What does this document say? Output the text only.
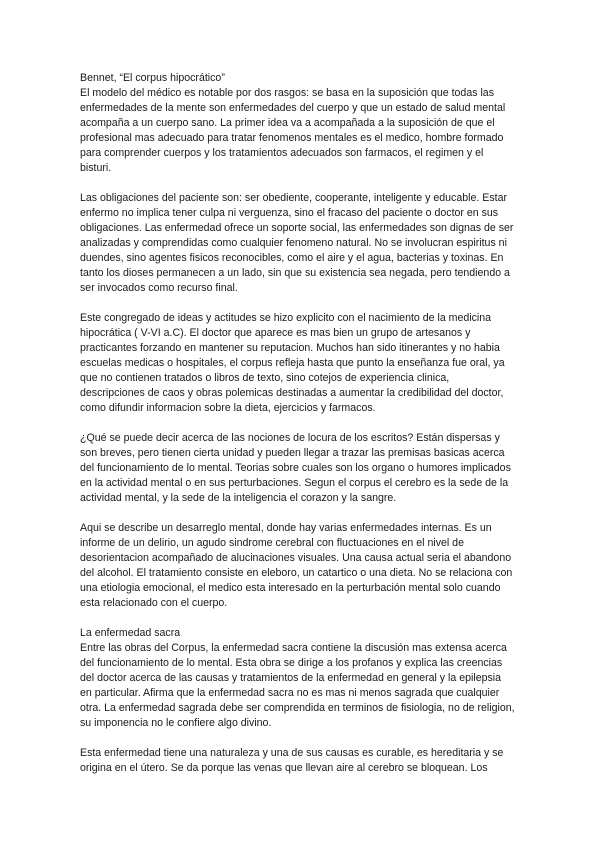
Bennet, “El corpus hipocrático”
El modelo del médico es notable por dos rasgos: se basa en la suposición que todas las
enfermedades de la mente son enfermedades del cuerpo y que un estado de salud mental
acompaña a un cuerpo sano. La primer idea va a acompañada a la suposición de que el
profesional mas adecuado para tratar fenomenos mentales es el medico, hombre formado
para comprender cuerpos y los tratamientos adecuados son farmacos, el regimen y el
bisturi.
Las obligaciones del paciente son: ser obediente, cooperante, inteligente y educable. Estar
enfermo no implica tener culpa ni verguenza, sino el fracaso del paciente o doctor en sus
obligaciones. Las enfermedad ofrece un soporte social, las enfermedades son dignas de ser
analizadas y comprendidas como cualquier fenomeno natural. No se involucran espiritus ni
duendes, sino agentes fisicos reconocibles, como el aire y el agua, bacterias y toxinas. En
tanto los dioses permanecen a un lado, sin que su existencia sea negada, pero tendiendo a
ser invocados como recurso final.
Este congregado de ideas y actitudes se hizo explicito con el nacimiento de la medicina
hipocrática ( V-VI a.C). El doctor que aparece es mas bien un grupo de artesanos y
practicantes forzando en mantener su reputacion. Muchos han sido itinerantes y no habia
escuelas medicas o hospitales, el corpus refleja hasta que punto la enseñanza fue oral, ya
que no contienen tratados o libros de texto, sino cotejos de experiencia clinica,
descripciones de caos y obras polemicas destinadas a aumentar la credibilidad del doctor,
como difundir informacion sobre la dieta, ejercicios y farmacos.
¿Qué se puede decir acerca de las nociones de locura de los escritos? Están dispersas y
son breves, pero tienen cierta unidad y pueden llegar a trazar las premisas basicas acerca
del funcionamiento de lo mental. Teorias sobre cuales son los organo o humores implicados
en la actividad mental o en sus perturbaciones. Segun el corpus el cerebro es la sede de la
actividad mental, y la sede de la inteligencia el corazon y la sangre.
Aqui se describe un desarreglo mental, donde hay varias enfermedades internas. Es un
informe de un delirio, un agudo sindrome cerebral con fluctuaciones en el nivel de
desorientacion acompañado de alucinaciones visuales. Una causa actual seria el abandono
del alcohol. El tratamiento consiste en eleboro, un catartico o una dieta. No se relaciona con
una etiologia emocional, el medico esta interesado en la perturbación mental solo cuando
esta relacionado con el cuerpo.
La enfermedad sacra
Entre las obras del Corpus, la enfermedad sacra contiene la discusión mas extensa acerca
del funcionamiento de lo mental. Esta obra se dirige a los profanos y explica las creencias
del doctor acerca de las causas y tratamientos de la enfermedad en general y la epilepsia
en particular. Afirma que la enfermedad sacra no es mas ni menos sagrada que cualquier
otra. La enfermedad sagrada debe ser comprendida en terminos de fisiologia, no de religion,
su imponencia no le confiere algo divino.
Esta enfermedad tiene una naturaleza y una de sus causas es curable, es hereditaria y se
origina en el útero. Se da porque las venas que llevan aire al cerebro se bloquean. Los
